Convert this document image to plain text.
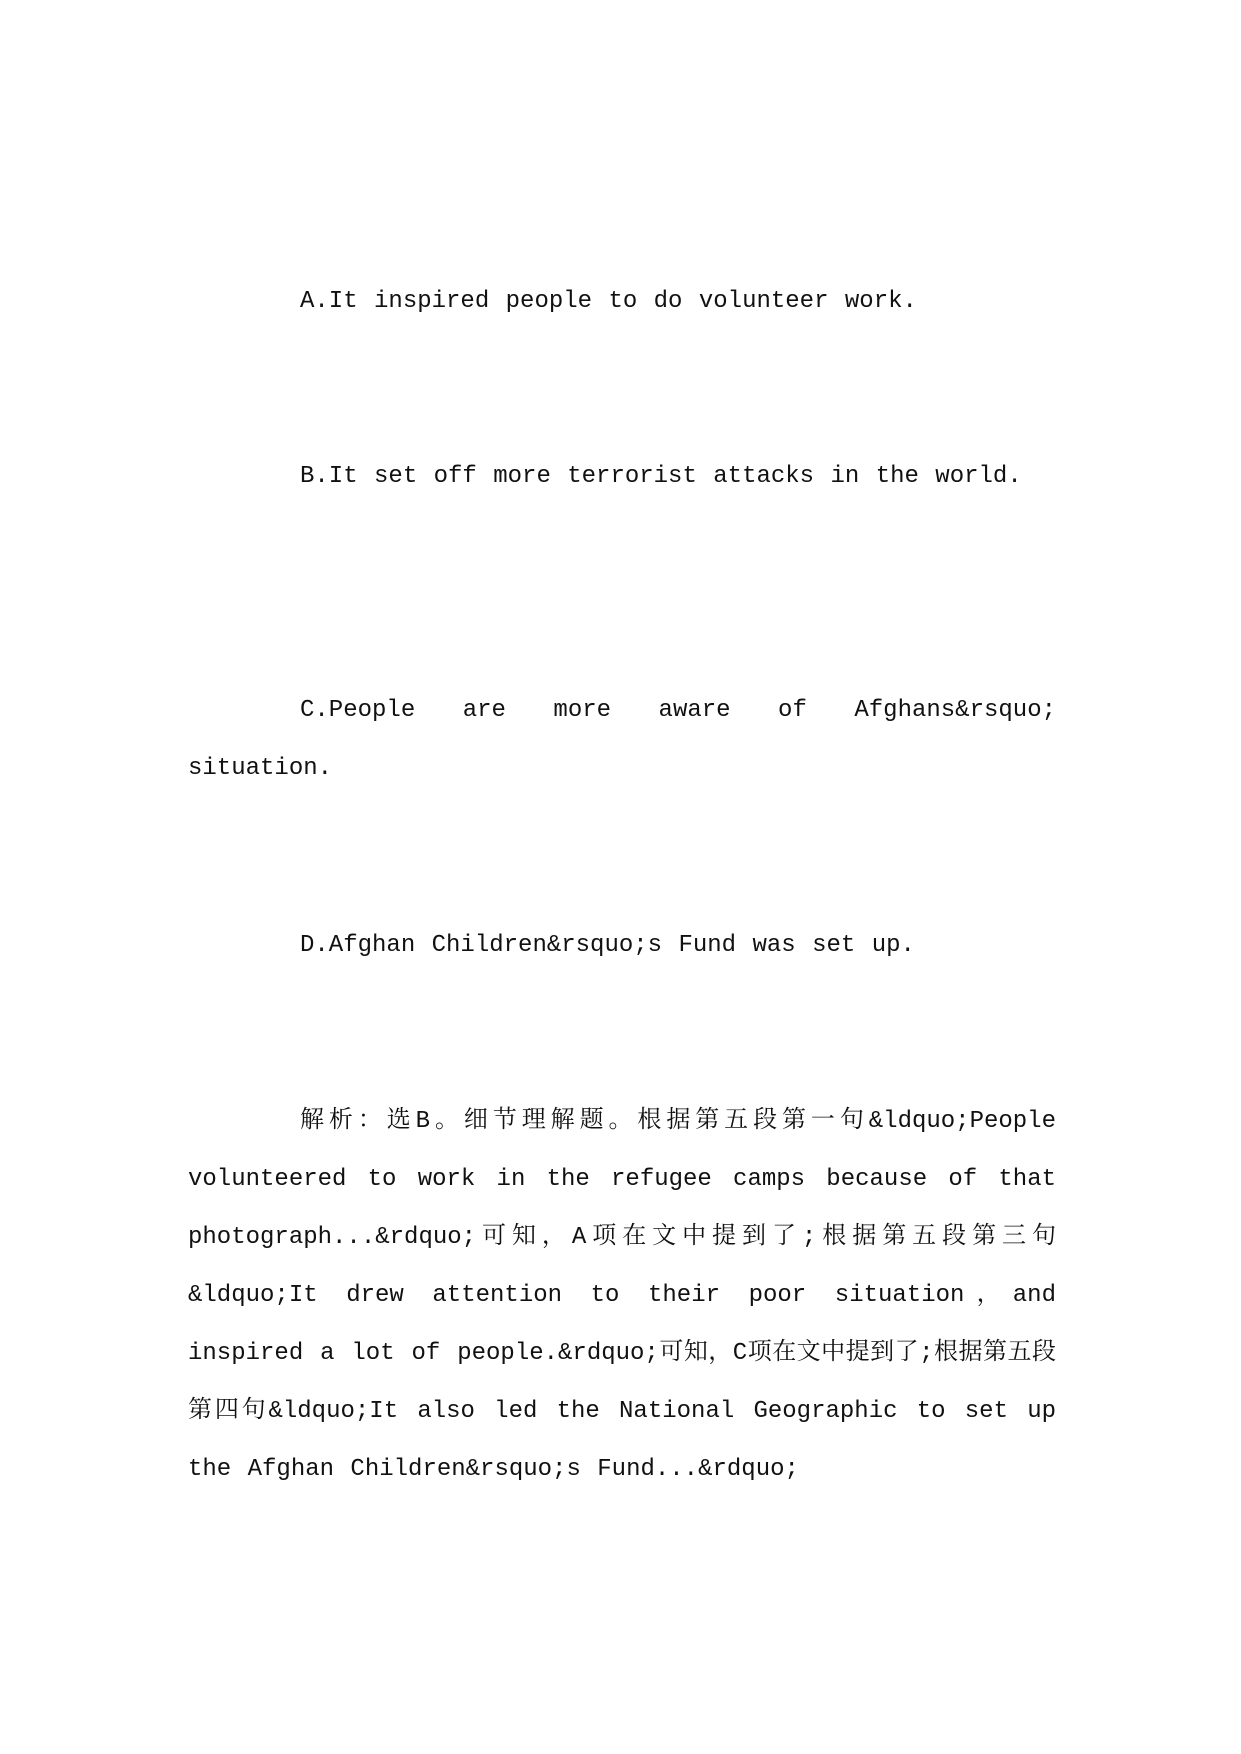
A.It inspired people to do volunteer work.
B.It set off more terrorist attacks in the world.
C.People are more aware of Afghans&rsquo; situation.
D.Afghan Children&rsquo;s Fund was set up.
解析：选B。细节理解题。根据第五段第一句&ldquo;People volunteered to work in the refugee camps because of that photograph...&rdquo;可知，A项在文中提到了;根据第五段第三句&ldquo;It drew attention to their poor situation，and inspired a lot of people.&rdquo;可知，C项在文中提到了;根据第五段第四句&ldquo;It also led the National Geographic to set up the Afghan Children&rsquo;s Fund...&rdquo;
